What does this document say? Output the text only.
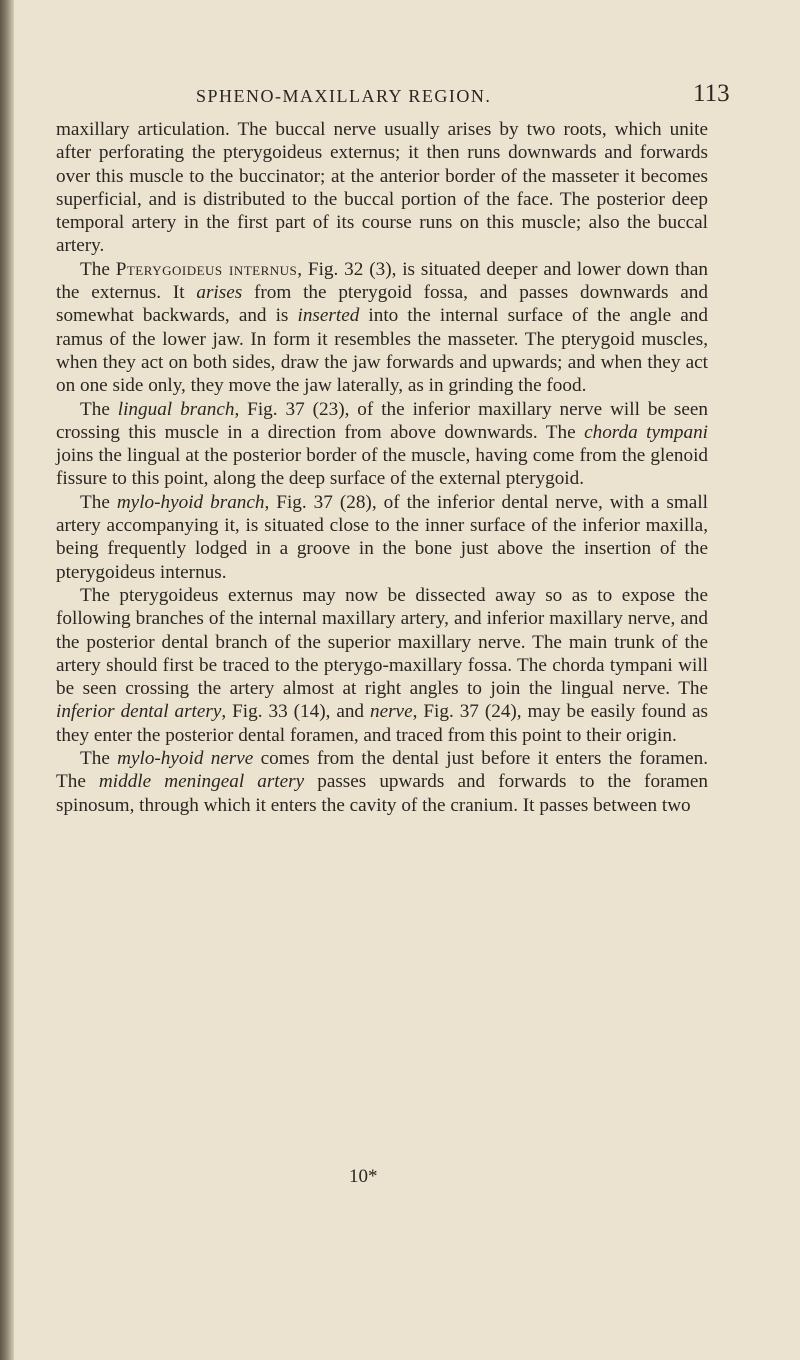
SPHENO-MAXILLARY REGION.	113

maxillary articulation. The buccal nerve usually arises by two roots, which unite after perforating the pterygoideus externus; it then runs downwards and forwards over this muscle to the buccinator; at the anterior border of the masseter it becomes superficial, and is distributed to the buccal portion of the face. The posterior deep temporal artery in the first part of its course runs on this muscle; also the buccal artery.

The Pterygoideus internus, Fig. 32 (3), is situated deeper and lower down than the externus. It arises from the pterygoid fossa, and passes downwards and somewhat backwards, and is inserted into the internal surface of the angle and ramus of the lower jaw. In form it resembles the masseter. The pterygoid muscles, when they act on both sides, draw the jaw forwards and upwards; and when they act on one side only, they move the jaw laterally, as in grinding the food.

The lingual branch, Fig. 37 (23), of the inferior maxillary nerve will be seen crossing this muscle in a direction from above downwards. The chorda tympani joins the lingual at the posterior border of the muscle, having come from the glenoid fissure to this point, along the deep surface of the external pterygoid.

The mylo-hyoid branch, Fig. 37 (28), of the inferior dental nerve, with a small artery accompanying it, is situated close to the inner surface of the inferior maxilla, being frequently lodged in a groove in the bone just above the insertion of the pterygoideus internus.

The pterygoideus externus may now be dissected away so as to expose the following branches of the internal maxillary artery, and inferior maxillary nerve, and the posterior dental branch of the superior maxillary nerve. The main trunk of the artery should first be traced to the pterygo-maxillary fossa. The chorda tympani will be seen crossing the artery almost at right angles to join the lingual nerve. The inferior dental artery, Fig. 33 (14), and nerve, Fig. 37 (24), may be easily found as they enter the posterior dental foramen, and traced from this point to their origin.

The mylo-hyoid nerve comes from the dental just before it enters the foramen. The middle meningeal artery passes upwards and forwards to the foramen spinosum, through which it enters the cavity of the cranium. It passes between two

10*
